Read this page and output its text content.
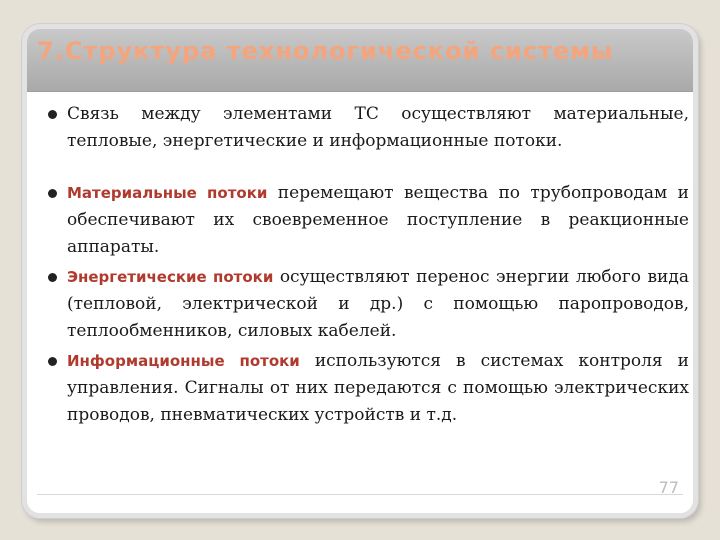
7.Структура технологической системы
Связь между элементами ТС осуществляют материальные, тепловые, энергетические и информационные потоки.
Материальные потоки перемещают вещества по трубопроводам и обеспечивают их своевременное поступление в реакционные аппараты.
Энергетические потоки осуществляют перенос энергии любого вида (тепловой, электрической и др.) с помощью паропроводов, теплообменников, силовых кабелей.
Информационные потоки используются в системах контроля и управления. Сигналы от них передаются с помощью электрических проводов, пневматических устройств и т.д.
77
